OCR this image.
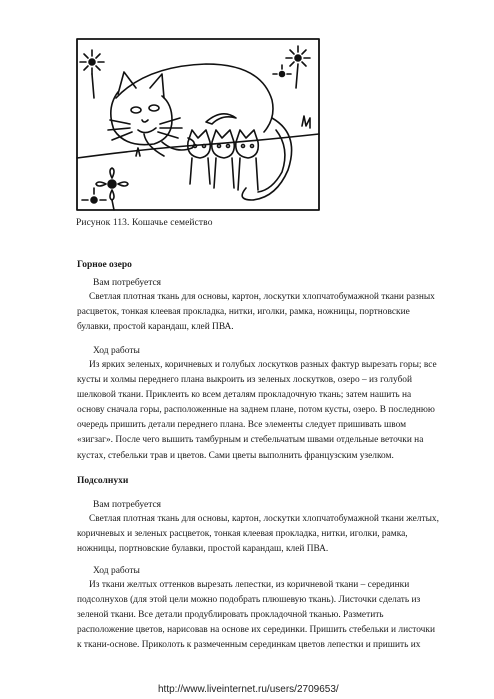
Рисунок 113. Кошачье семейство
Горное озеро
Вам потребуется
Светлая плотная ткань для основы, картон, лоскутки хлопчатобумажной ткани разных
расцветок, тонкая клеевая прокладка, нитки, иголки, рамка, ножницы, портновские
булавки, простой карандаш, клей ПВА.
Ход работы
Из ярких зеленых, коричневых и голубых лоскутков разных фактур вырезать горы; все
кусты и холмы переднего плана выкроить из зеленых лоскутков, озеро – из голубой
шелковой ткани. Приклеить ко всем деталям прокладочную ткань; затем нашить на
основу сначала горы, расположенные на заднем плане, потом кусты, озеро. В последнюю
очередь пришить детали переднего плана. Все элементы следует пришивать швом
«зигзаг». После чего вышить тамбурным и стебельчатым швами отдельные веточки на
кустах, стебельки трав и цветов. Сами цветы выполнить французским узелком.
Подсолнухи
Вам потребуется
Светлая плотная ткань для основы, картон, лоскутки хлопчатобумажной ткани желтых,
коричневых и зеленых расцветок, тонкая клеевая прокладка, нитки, иголки, рамка,
ножницы, портновские булавки, простой карандаш, клей ПВА.
Ход работы
Из ткани желтых оттенков вырезать лепестки, из коричневой ткани – серединки
подсолнухов (для этой цели можно подобрать плюшевую ткань). Листочки сделать из
зеленой ткани. Все детали продублировать прокладочной тканью. Разметить
расположение цветов, нарисовав на основе их серединки. Пришить стебельки и листочки
к ткани-основе. Приколоть к размеченным серединкам цветов лепестки и пришить их
http://www.liveinternet.ru/users/2709653/
